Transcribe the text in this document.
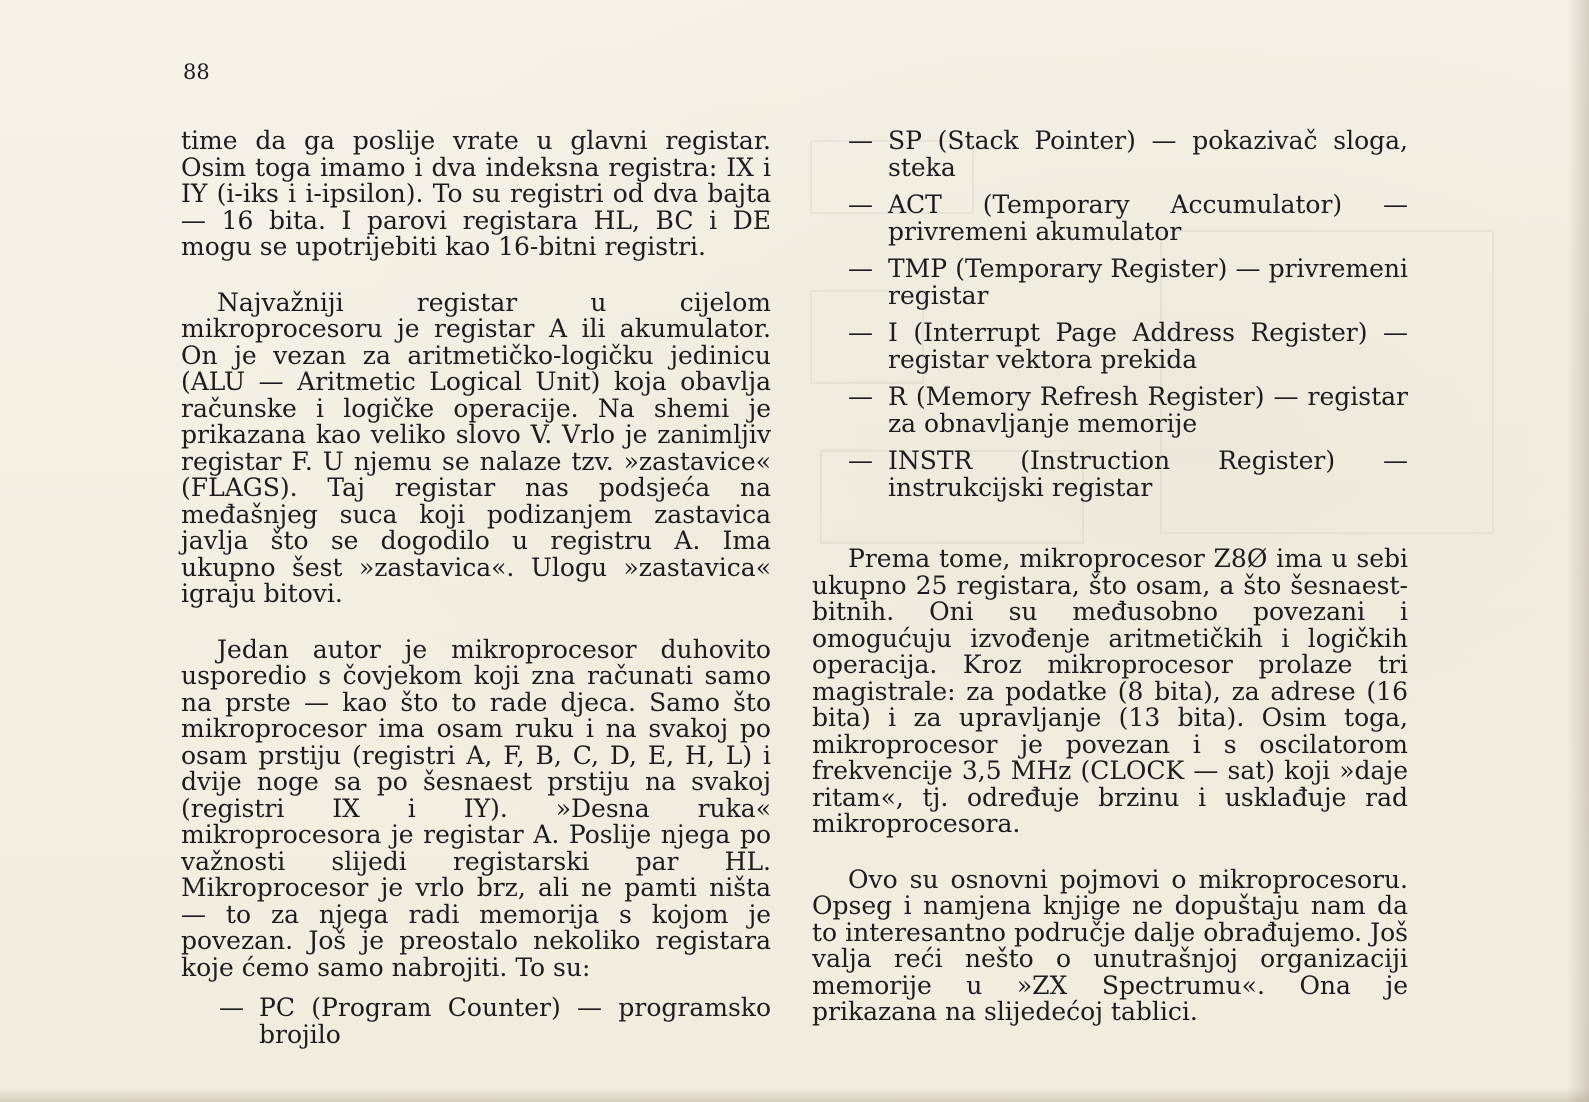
88

time da ga poslije vrate u glavni registar. Osim toga imamo i dva indeksna registra: IX i IY (i-iks i i-ipsilon). To su registri od dva bajta — 16 bita. I parovi registara HL, BC i DE mogu se upotrijebiti kao 16-bitni registri.

Najvažniji registar u cijelom mikroprocesoru je registar A ili akumulator. On je vezan za aritmetičko-logičku jedinicu (ALU — Aritmetic Logical Unit) koja obavlja računske i logičke operacije. Na shemi je prikazana kao veliko slovo V. Vrlo je zanimljiv registar F. U njemu se nalaze tzv. »zastavice« (FLAGS). Taj registar nas podsjeća na međašnjeg suca koji podizanjem zastavica javlja što se dogodilo u registru A. Ima ukupno šest »zastavica«. Ulogu »zastavica« igraju bitovi.

Jedan autor je mikroprocesor duhovito usporedio s čovjekom koji zna računati samo na prste — kao što to rade djeca. Samo što mikroprocesor ima osam ruku i na svakoj po osam prstiju (registri A, F, B, C, D, E, H, L) i dvije noge sa po šesnaest prstiju na svakoj (registri IX i IY). »Desna ruka« mikroprocesora je registar A. Poslije njega po važnosti slijedi registarski par HL. Mikroprocesor je vrlo brz, ali ne pamti ništa — to za njega radi memorija s kojom je povezan. Još je preostalo nekoliko registara koje ćemo samo nabrojiti. To su:

— PC (Program Counter) — programsko brojilo
— SP (Stack Pointer) — pokazivač sloga, steka
— ACT (Temporary Accumulator) — privremeni akumulator
— TMP (Temporary Register) — privremeni registar
— I (Interrupt Page Address Register) — registar vektora prekida
— R (Memory Refresh Register) — registar za obnavljanje memorije
— INSTR (Instruction Register) — instrukcijski registar

Prema tome, mikroprocesor Z8Ø ima u sebi ukupno 25 registara, što osam, a što šesnaest-bitnih. Oni su međusobno povezani i omogućuju izvođenje aritmetičkih i logičkih operacija. Kroz mikroprocesor prolaze tri magistrale: za podatke (8 bita), za adrese (16 bita) i za upravljanje (13 bita). Osim toga, mikroprocesor je povezan i s oscilatorom frekvencije 3,5 MHz (CLOCK — sat) koji »daje ritam«, tj. određuje brzinu i usklađuje rad mikroprocesora.

Ovo su osnovni pojmovi o mikroprocesoru. Opseg i namjena knjige ne dopuštaju nam da to interesantno područje dalje obrađujemo. Još valja reći nešto o unutrašnjoj organizaciji memorije u »ZX Spectrumu«. Ona je prikazana na slijedećoj tablici.
